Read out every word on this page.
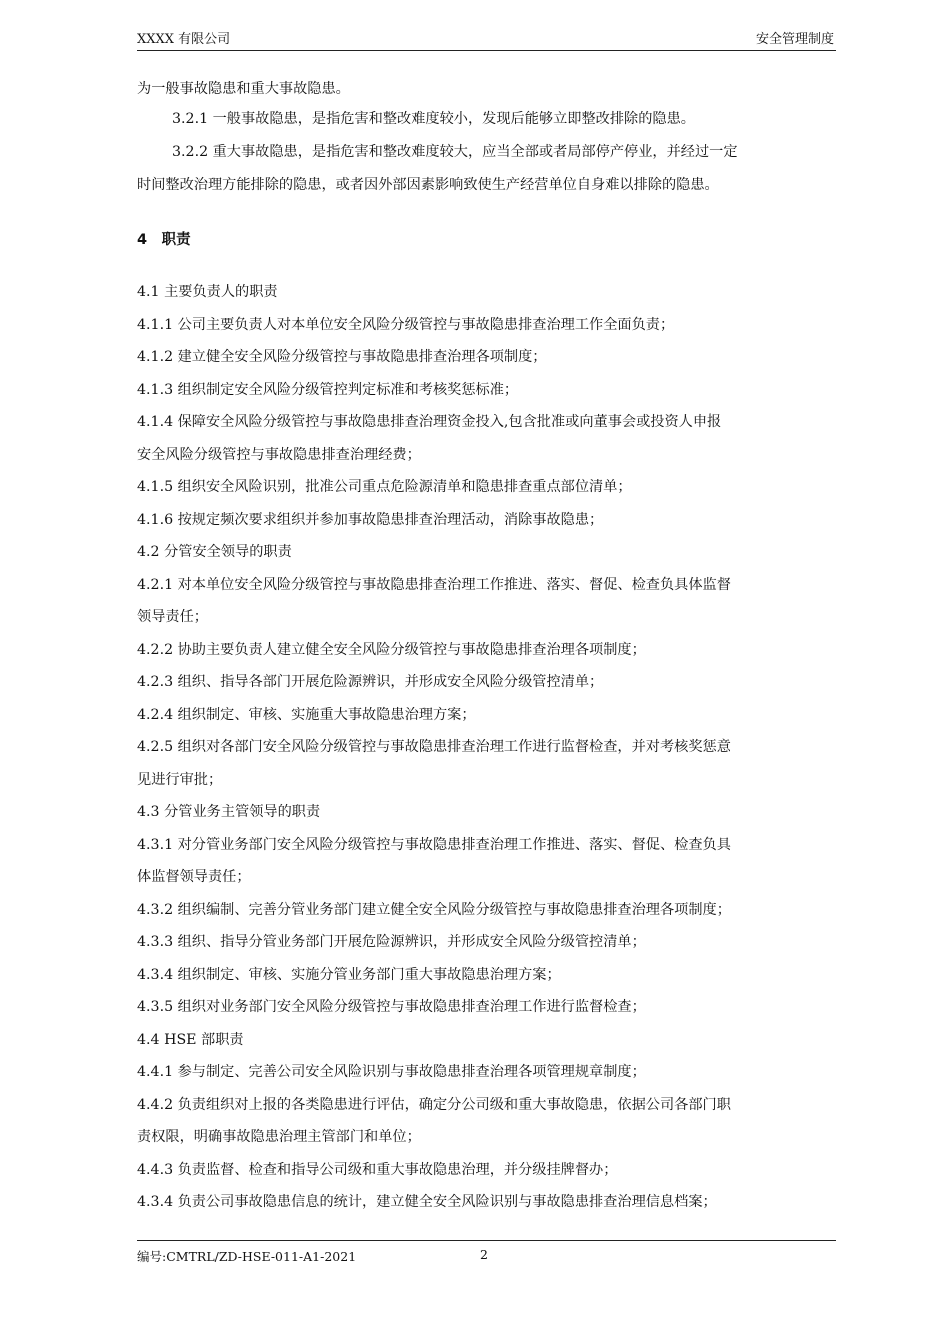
XXXX 有限公司	安全管理制度

为一般事故隐患和重大事故隐患。

3.2.1 一般事故隐患，是指危害和整改难度较小，发现后能够立即整改排除的隐患。

3.2.2 重大事故隐患，是指危害和整改难度较大，应当全部或者局部停产停业，并经过一定

时间整改治理方能排除的隐患，或者因外部因素影响致使生产经营单位自身难以排除的隐患。

4　职责

4.1 主要负责人的职责

4.1.1 公司主要负责人对本单位安全风险分级管控与事故隐患排查治理工作全面负责；

4.1.2 建立健全安全风险分级管控与事故隐患排查治理各项制度；

4.1.3 组织制定安全风险分级管控判定标准和考核奖惩标准；

4.1.4 保障安全风险分级管控与事故隐患排查治理资金投入,包含批准或向董事会或投资人申报

安全风险分级管控与事故隐患排查治理经费；

4.1.5 组织安全风险识别，批准公司重点危险源清单和隐患排查重点部位清单；

4.1.6 按规定频次要求组织并参加事故隐患排查治理活动，消除事故隐患；

4.2 分管安全领导的职责

4.2.1 对本单位安全风险分级管控与事故隐患排查治理工作推进、落实、督促、检查负具体监督

领导责任；

4.2.2 协助主要负责人建立健全安全风险分级管控与事故隐患排查治理各项制度；

4.2.3 组织、指导各部门开展危险源辨识，并形成安全风险分级管控清单；

4.2.4 组织制定、审核、实施重大事故隐患治理方案；

4.2.5 组织对各部门安全风险分级管控与事故隐患排查治理工作进行监督检查，并对考核奖惩意

见进行审批；

4.3 分管业务主管领导的职责

4.3.1 对分管业务部门安全风险分级管控与事故隐患排查治理工作推进、落实、督促、检查负具

体监督领导责任；

4.3.2 组织编制、完善分管业务部门建立健全安全风险分级管控与事故隐患排查治理各项制度；

4.3.3 组织、指导分管业务部门开展危险源辨识，并形成安全风险分级管控清单；

4.3.4 组织制定、审核、实施分管业务部门重大事故隐患治理方案；

4.3.5 组织对业务部门安全风险分级管控与事故隐患排查治理工作进行监督检查；

4.4 HSE 部职责

4.4.1 参与制定、完善公司安全风险识别与事故隐患排查治理各项管理规章制度；

4.4.2 负责组织对上报的各类隐患进行评估，确定分公司级和重大事故隐患，依据公司各部门职

责权限，明确事故隐患治理主管部门和单位；

4.4.3 负责监督、检查和指导公司级和重大事故隐患治理，并分级挂牌督办；

4.3.4 负责公司事故隐患信息的统计，建立健全安全风险识别与事故隐患排查治理信息档案；

编号:CMTRL/ZD-HSE-011-A1-2021	2
